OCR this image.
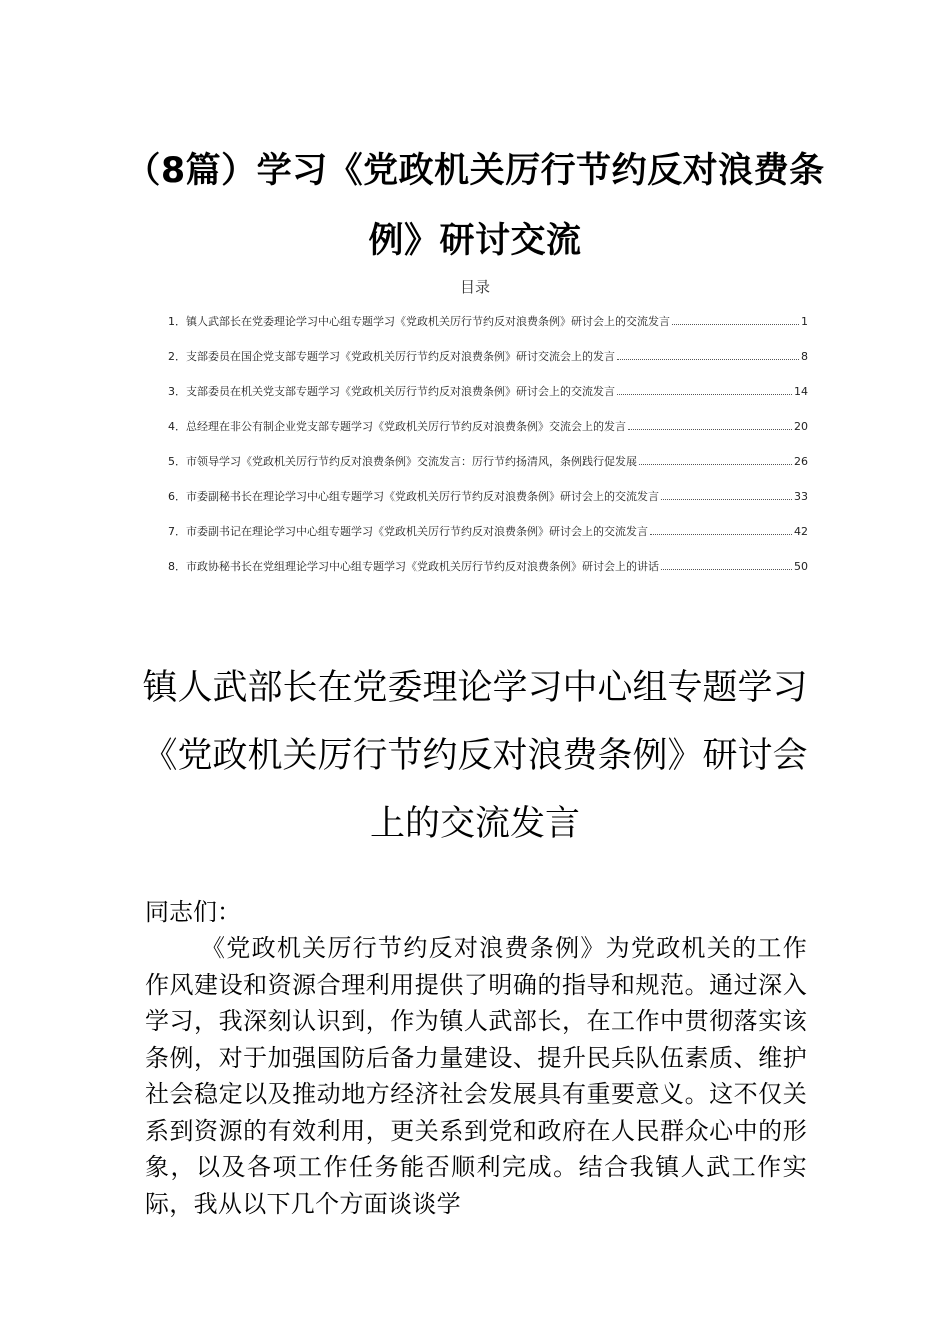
（8篇）学习《党政机关厉行节约反对浪费条例》研讨交流
目录
1．镇人武部长在党委理论学习中心组专题学习《党政机关厉行节约反对浪费条例》研讨会上的交流发言	1
2．支部委员在国企党支部专题学习《党政机关厉行节约反对浪费条例》研讨交流会上的发言	8
3．支部委员在机关党支部专题学习《党政机关厉行节约反对浪费条例》研讨会上的交流发言	14
4．总经理在非公有制企业党支部专题学习《党政机关厉行节约反对浪费条例》交流会上的发言	20
5．市领导学习《党政机关厉行节约反对浪费条例》交流发言：厉行节约扬清风，条例践行促发展	26
6．市委副秘书长在理论学习中心组专题学习《党政机关厉行节约反对浪费条例》研讨会上的交流发言	33
7．市委副书记在理论学习中心组专题学习《党政机关厉行节约反对浪费条例》研讨会上的交流发言	42
8．市政协秘书长在党组理论学习中心组专题学习《党政机关厉行节约反对浪费条例》研讨会上的讲话	50
镇人武部长在党委理论学习中心组专题学习《党政机关厉行节约反对浪费条例》研讨会上的交流发言

同志们：

《党政机关厉行节约反对浪费条例》为党政机关的工作作风建设和资源合理利用提供了明确的指导和规范。通过深入学习，我深刻认识到，作为镇人武部长，在工作中贯彻落实该条例，对于加强国防后备力量建设、提升民兵队伍素质、维护社会稳定以及推动地方经济社会发展具有重要意义。这不仅关系到资源的有效利用，更关系到党和政府在人民群众心中的形象，以及各项工作任务能否顺利完成。结合我镇人武工作实际，我从以下几个方面谈谈学
